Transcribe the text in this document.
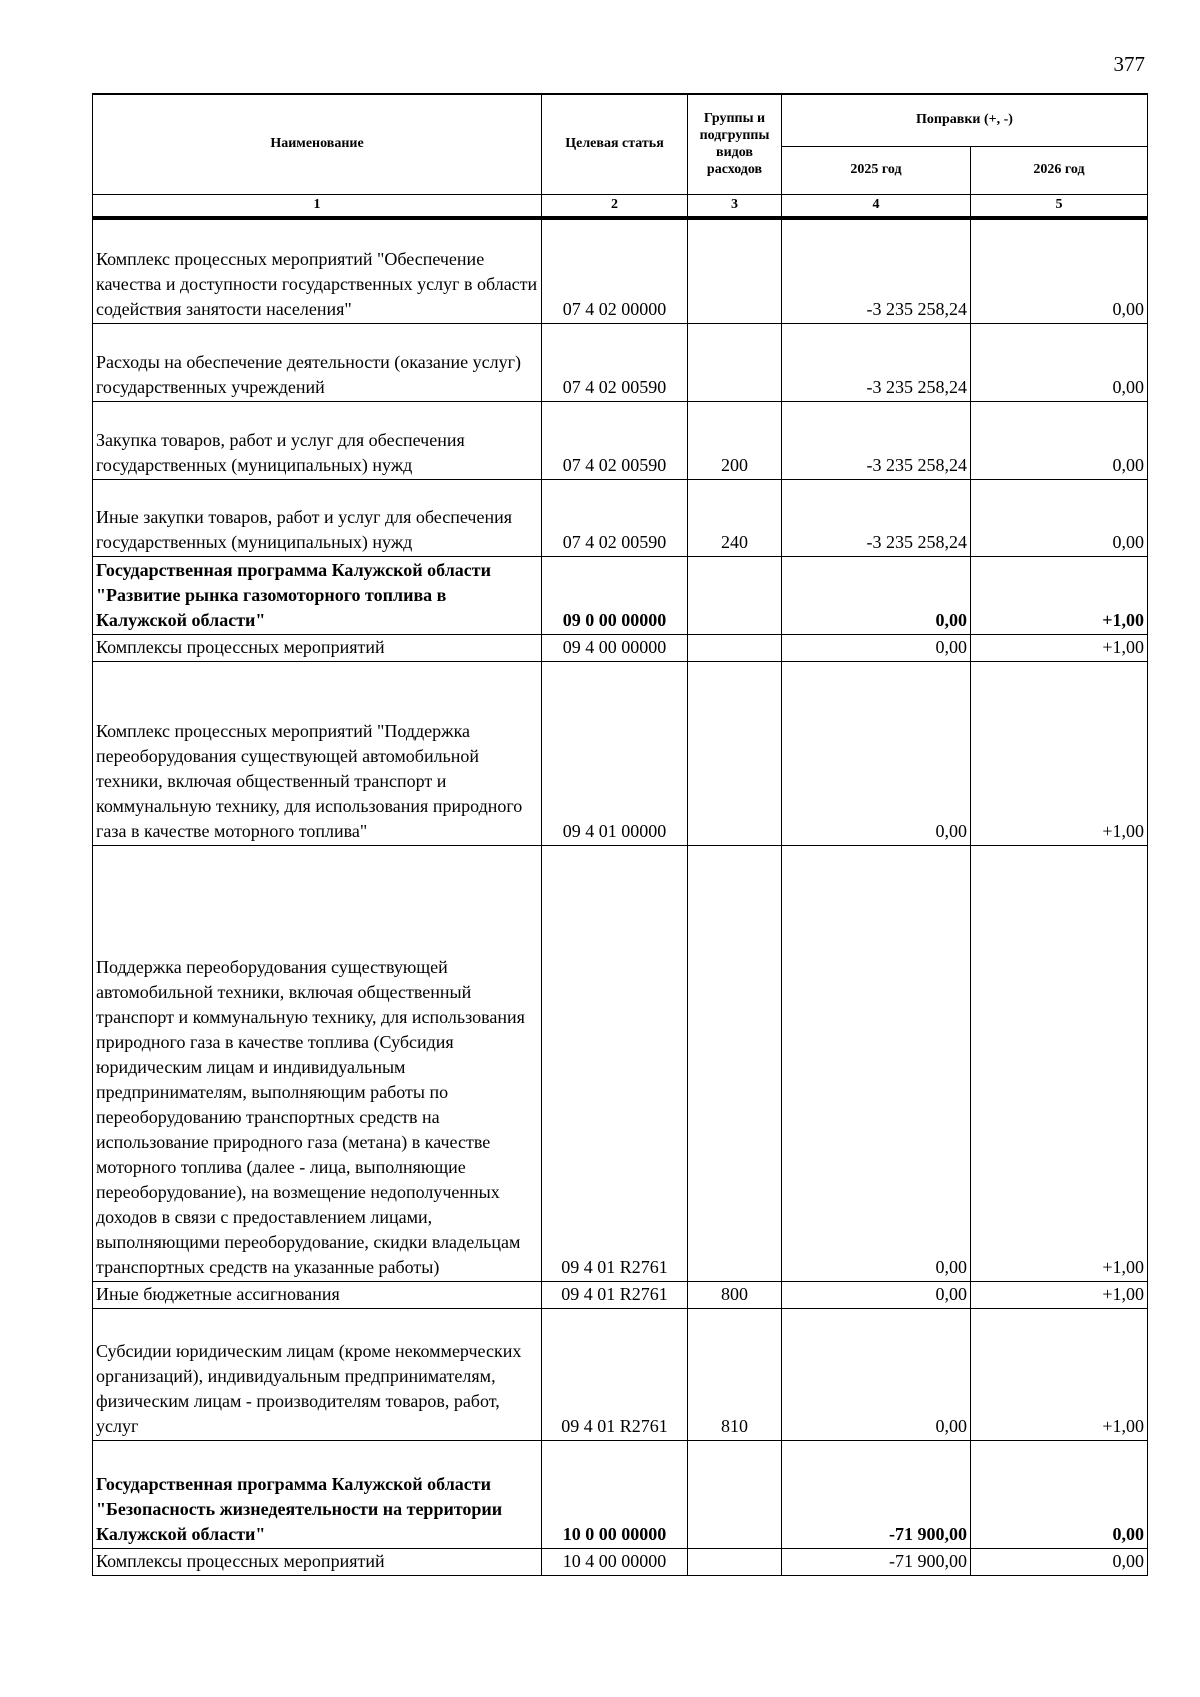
377
Наименование	Целевая статья	Группы и подгруппы видов расходов	Поправки (+, -)	
			2025 год	2026 год
1	2	3	4	5
Комплекс процессных мероприятий "Обеспечение качества и доступности государственных услуг в области содействия занятости населения"	07 4 02 00000		-3 235 258,24	0,00
Расходы на обеспечение деятельности (оказание услуг) государственных учреждений	07 4 02 00590		-3 235 258,24	0,00
Закупка товаров, работ и услуг для обеспечения государственных (муниципальных) нужд	07 4 02 00590	200	-3 235 258,24	0,00
Иные закупки товаров, работ и услуг для обеспечения государственных (муниципальных) нужд	07 4 02 00590	240	-3 235 258,24	0,00
Государственная программа Калужской области "Развитие рынка газомоторного топлива в Калужской области"	09 0 00 00000		0,00	+1,00
Комплексы процессных мероприятий	09 4 00 00000		0,00	+1,00
Комплекс процессных мероприятий "Поддержка переоборудования существующей автомобильной техники, включая общественный транспорт и коммунальную технику, для использования природного газа в качестве моторного топлива"	09 4 01 00000		0,00	+1,00
Поддержка переоборудования существующей автомобильной техники, включая общественный транспорт и коммунальную технику, для использования природного газа в качестве топлива (Субсидия юридическим лицам и индивидуальным предпринимателям, выполняющим работы по переоборудованию транспортных средств на использование природного газа (метана) в качестве моторного топлива (далее - лица, выполняющие переоборудование), на возмещение недополученных доходов в связи с предоставлением лицами, выполняющими переоборудование, скидки владельцам транспортных средств на указанные работы)	09 4 01 R2761		0,00	+1,00
Иные бюджетные ассигнования	09 4 01 R2761	800	0,00	+1,00
Субсидии юридическим лицам (кроме некоммерческих организаций), индивидуальным предпринимателям, физическим лицам - производителям товаров, работ, услуг	09 4 01 R2761	810	0,00	+1,00
Государственная программа Калужской области "Безопасность жизнедеятельности на территории Калужской области"	10 0 00 00000		-71 900,00	0,00
Комплексы процессных мероприятий	10 4 00 00000		-71 900,00	0,00
